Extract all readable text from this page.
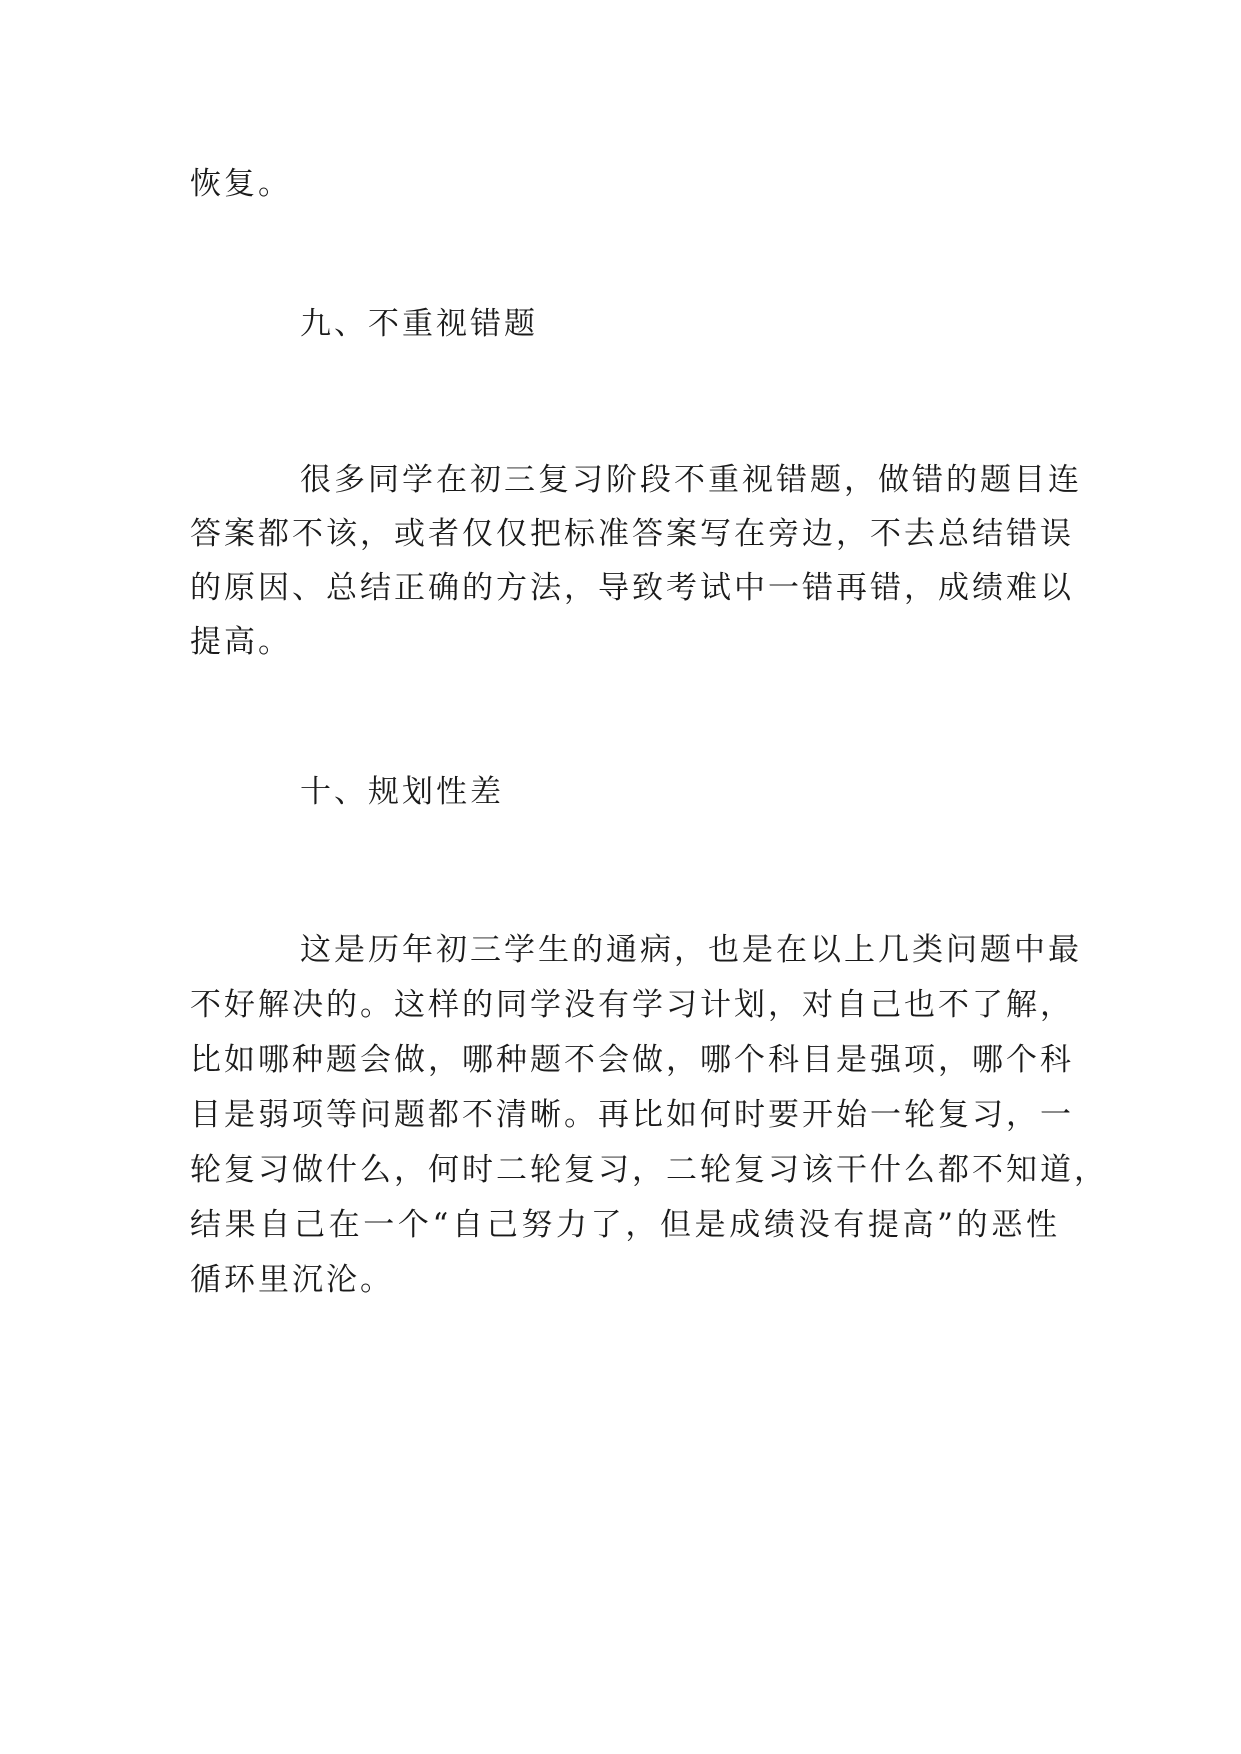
恢复。
九、不重视错题
很多同学在初三复习阶段不重视错题，做错的题目连
答案都不该，或者仅仅把标准答案写在旁边，不去总结错误
的原因、总结正确的方法，导致考试中一错再错，成绩难以
提高。
十、规划性差
这是历年初三学生的通病，也是在以上几类问题中最
不好解决的。这样的同学没有学习计划，对自己也不了解，
比如哪种题会做，哪种题不会做，哪个科目是强项，哪个科
目是弱项等问题都不清晰。再比如何时要开始一轮复习，一
轮复习做什么，何时二轮复习，二轮复习该干什么都不知道，
结果自己在一个“自己努力了，但是成绩没有提高”的恶性
循环里沉沦。
